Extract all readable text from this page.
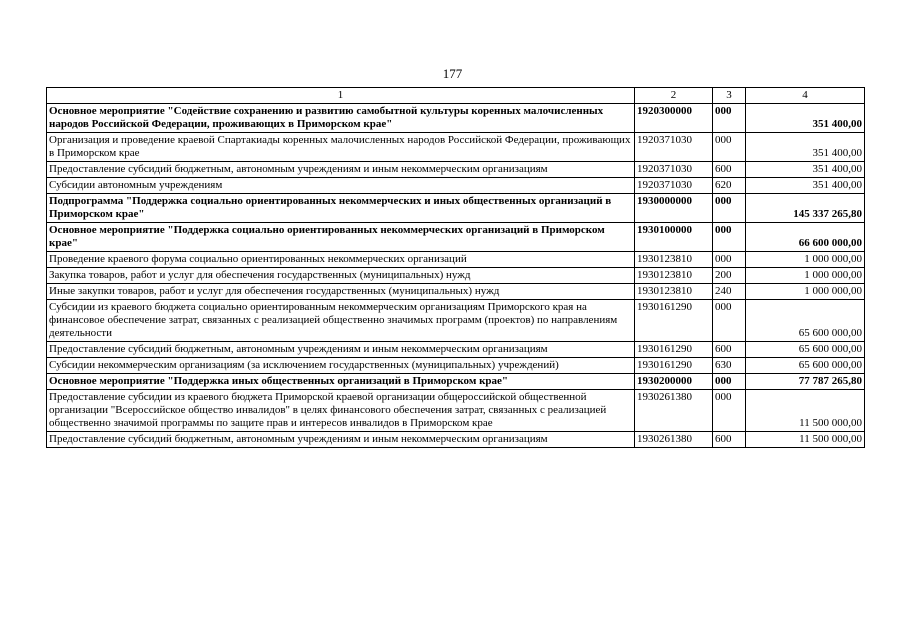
177
1	2	3	4
Основное мероприятие "Содействие сохранению и развитию самобытной культуры коренных малочисленных народов Российской Федерации, проживающих в Приморском крае"	1920300000	000	351 400,00
Организация и проведение краевой Спартакиады коренных малочисленных народов Российской Федерации, проживающих в Приморском крае	1920371030	000	351 400,00
Предоставление субсидий бюджетным, автономным учреждениям и иным некоммерческим организациям	1920371030	600	351 400,00
Субсидии автономным учреждениям	1920371030	620	351 400,00
Подпрограмма "Поддержка социально ориентированных некоммерческих и иных общественных организаций в Приморском крае"	1930000000	000	145 337 265,80
Основное мероприятие "Поддержка социально ориентированных некоммерческих организаций в Приморском крае"	1930100000	000	66 600 000,00
Проведение краевого форума социально ориентированных некоммерческих организаций	1930123810	000	1 000 000,00
Закупка товаров, работ и услуг для обеспечения государственных (муниципальных) нужд	1930123810	200	1 000 000,00
Иные закупки товаров, работ и услуг для обеспечения государственных (муниципальных) нужд	1930123810	240	1 000 000,00
Субсидии из краевого бюджета социально ориентированным некоммерческим организациям Приморского края на финансовое обеспечение затрат, связанных с реализацией общественно значимых программ (проектов) по направлениям деятельности	1930161290	000	65 600 000,00
Предоставление субсидий бюджетным, автономным учреждениям и иным некоммерческим организациям	1930161290	600	65 600 000,00
Субсидии некоммерческим организациям (за исключением государственных (муниципальных) учреждений)	1930161290	630	65 600 000,00
Основное мероприятие "Поддержка иных общественных организаций в Приморском крае"	1930200000	000	77 787 265,80
Предоставление субсидии из краевого бюджета Приморской краевой организации общероссийской общественной организации "Всероссийское общество инвалидов" в целях финансового обеспечения затрат, связанных с реализацией общественно значимой программы по защите прав и интересов инвалидов в Приморском крае	1930261380	000	11 500 000,00
Предоставление субсидий бюджетным, автономным учреждениям и иным некоммерческим организациям	1930261380	600	11 500 000,00
